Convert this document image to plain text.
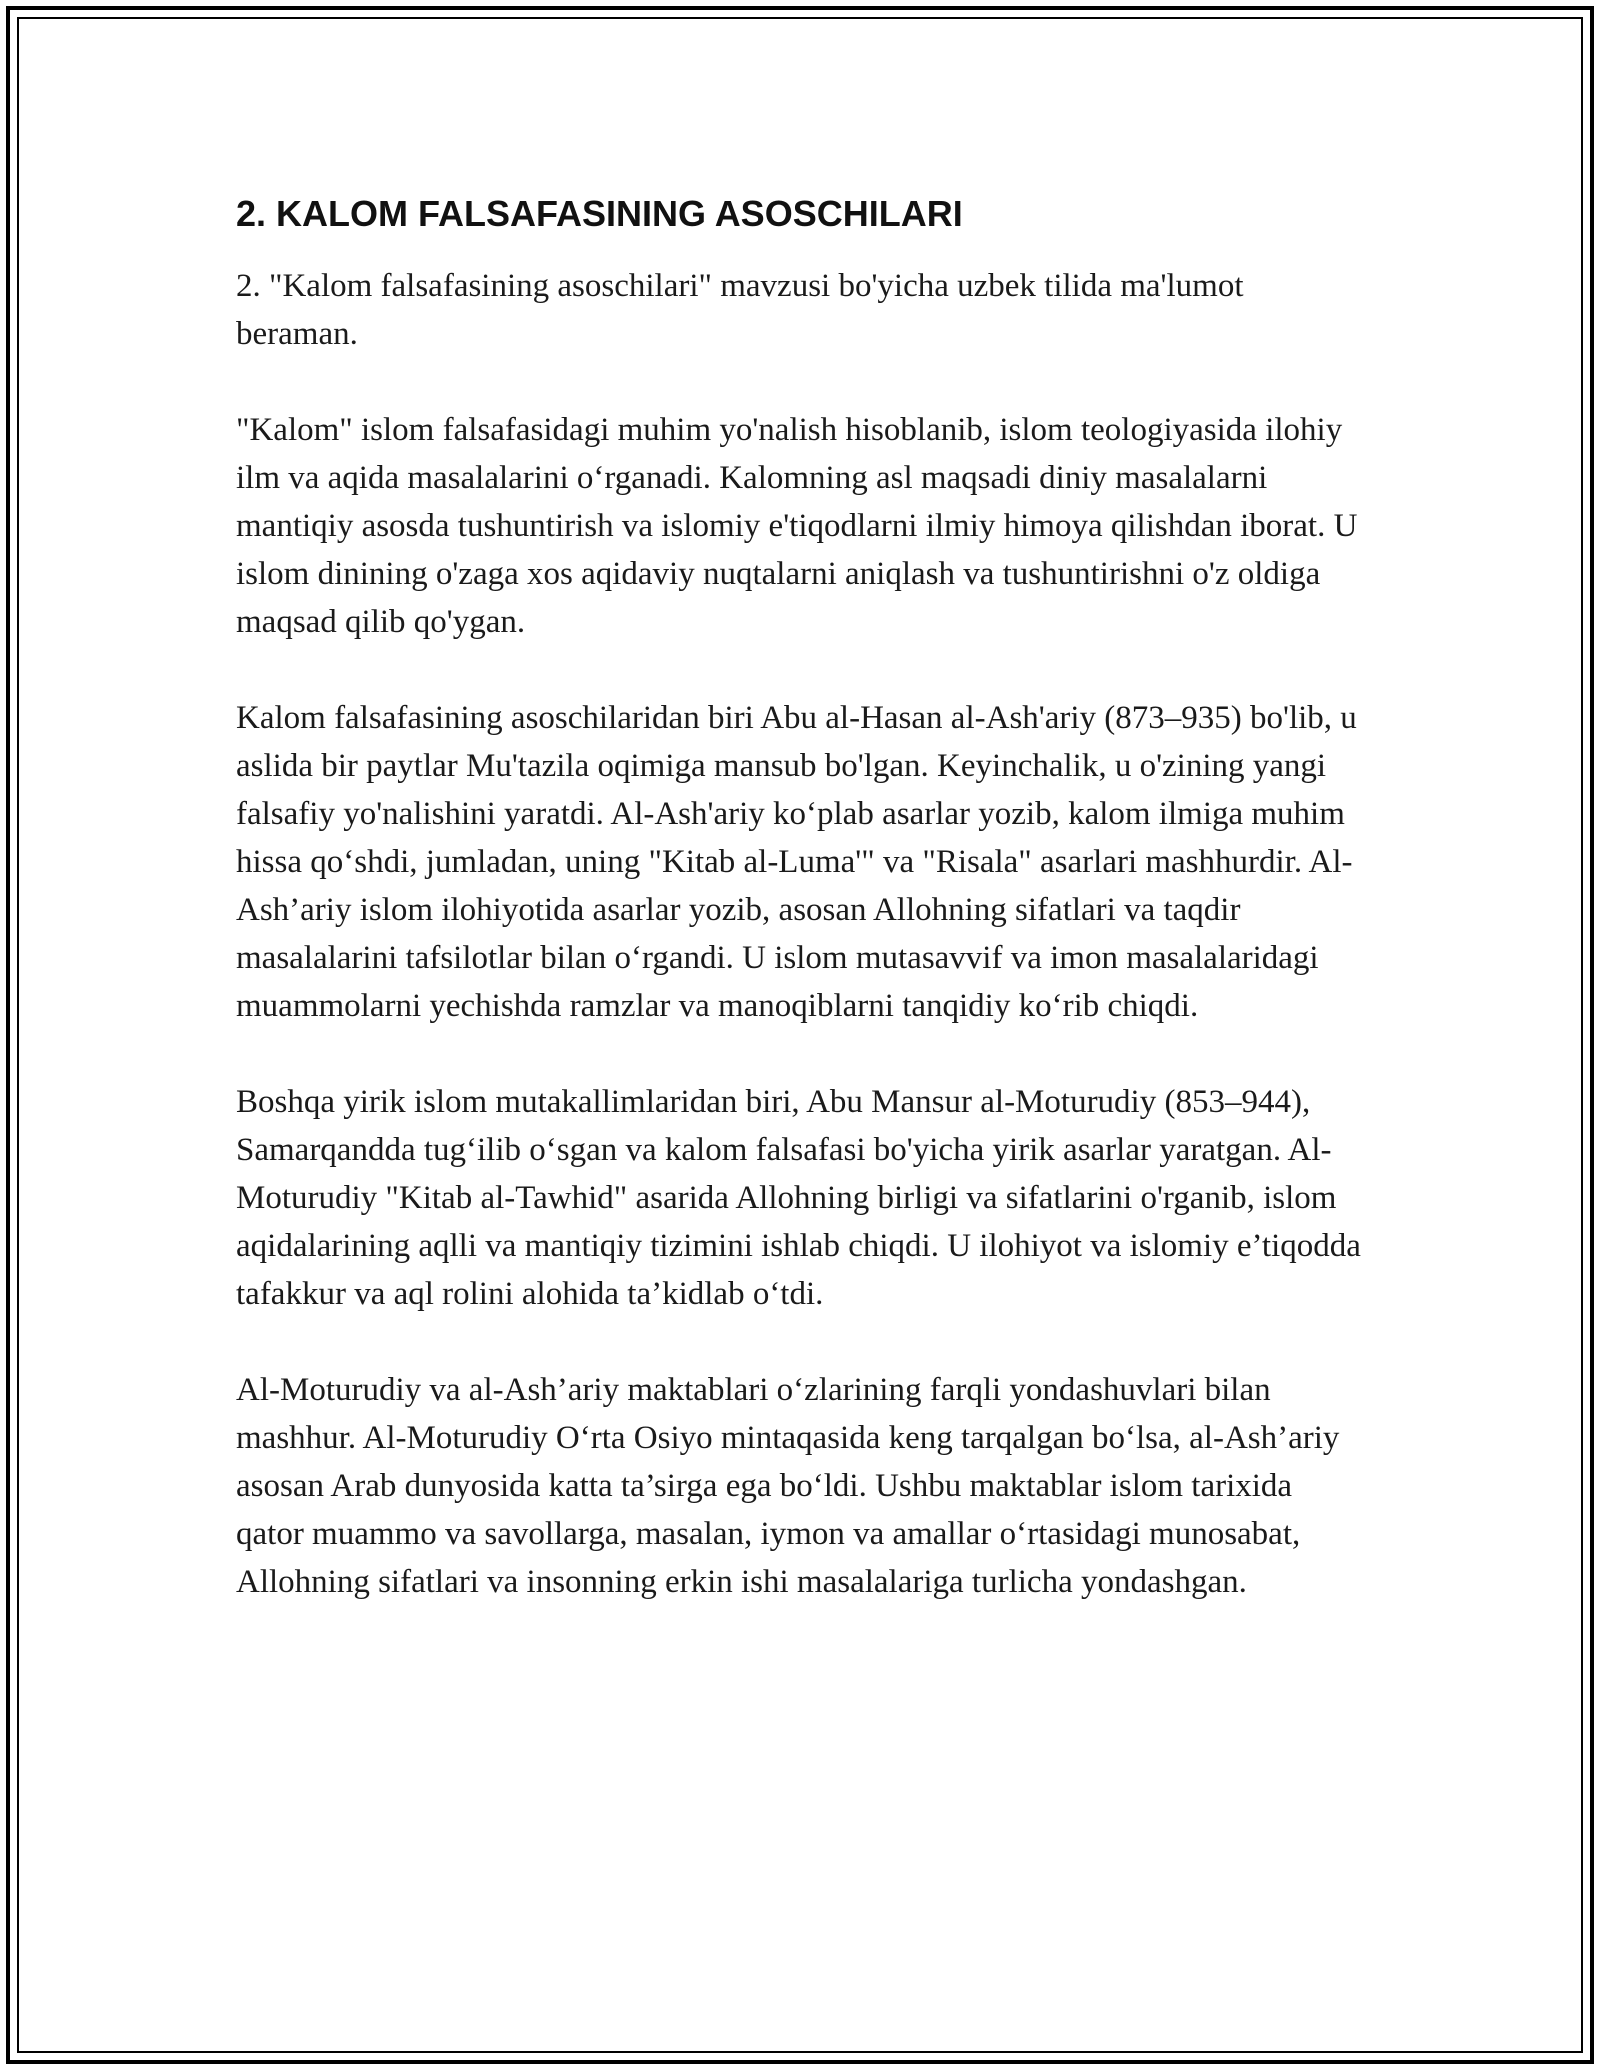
2. KALOM FALSAFASINING ASOSCHILARI

2. "Kalom falsafasining asoschilari" mavzusi bo'yicha uzbek tilida ma'lumot beraman.

"Kalom" islom falsafasidagi muhim yo'nalish hisoblanib, islom teologiyasida ilohiy ilm va aqida masalalarini o‘rganadi. Kalomning asl maqsadi diniy masalalarni mantiqiy asosda tushuntirish va islomiy e'tiqodlarni ilmiy himoya qilishdan iborat. U islom dinining o'zaga xos aqidaviy nuqtalarni aniqlash va tushuntirishni o'z oldiga maqsad qilib qo'ygan.

Kalom falsafasining asoschilaridan biri Abu al-Hasan al-Ash'ariy (873–935) bo'lib, u aslida bir paytlar Mu'tazila oqimiga mansub bo'lgan. Keyinchalik, u o'zining yangi falsafiy yo'nalishini yaratdi. Al-Ash'ariy ko‘plab asarlar yozib, kalom ilmiga muhim hissa qo‘shdi, jumladan, uning "Kitab al-Luma'" va "Risala" asarlari mashhurdir. Al-Ash’ariy islom ilohiyotida asarlar yozib, asosan Allohning sifatlari va taqdir masalalarini tafsilotlar bilan o‘rgandi. U islom mutasavvif va imon masalalaridagi muammolarni yechishda ramzlar va manoqiblarni tanqidiy ko‘rib chiqdi.

Boshqa yirik islom mutakallimlaridan biri, Abu Mansur al-Moturudiy (853–944), Samarqandda tug‘ilib o‘sgan va kalom falsafasi bo'yicha yirik asarlar yaratgan. Al-Moturudiy "Kitab al-Tawhid" asarida Allohning birligi va sifatlarini o'rganib, islom aqidalarining aqlli va mantiqiy tizimini ishlab chiqdi. U ilohiyot va islomiy e’tiqodda tafakkur va aql rolini alohida ta’kidlab o‘tdi.

Al-Moturudiy va al-Ash’ariy maktablari o‘zlarining farqli yondashuvlari bilan mashhur. Al-Moturudiy O‘rta Osiyo mintaqasida keng tarqalgan bo‘lsa, al-Ash’ariy asosan Arab dunyosida katta ta’sirga ega bo‘ldi. Ushbu maktablar islom tarixida qator muammo va savollarga, masalan, iymon va amallar o‘rtasidagi munosabat, Allohning sifatlari va insonning erkin ishi masalalariga turlicha yondashgan.
